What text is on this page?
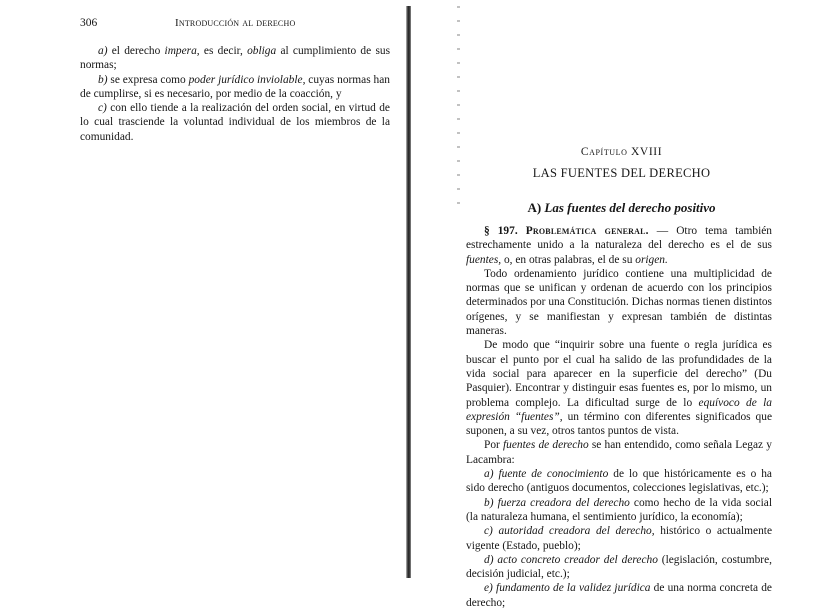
306	Introducción al derecho

a) el derecho impera, es decir, obliga al cumplimiento de sus normas;

b) se expresa como poder jurídico inviolable, cuyas normas han de cumplirse, si es necesario, por medio de la coacción, y

c) con ello tiende a la realización del orden social, en virtud de lo cual trasciende la voluntad individual de los miembros de la comunidad.

Capítulo XVIII
LAS FUENTES DEL DERECHO
A) Las fuentes del derecho positivo

§ 197. Problemática general. — Otro tema también estrechamente unido a la naturaleza del derecho es el de sus fuentes, o, en otras palabras, el de su origen.

Todo ordenamiento jurídico contiene una multiplicidad de normas que se unifican y ordenan de acuerdo con los principios determinados por una Constitución. Dichas normas tienen distintos orígenes, y se manifiestan y expresan también de distintas maneras.

De modo que “inquirir sobre una fuente o regla jurídica es buscar el punto por el cual ha salido de las profundidades de la vida social para aparecer en la superficie del derecho” (Du Pasquier). Encontrar y distinguir esas fuentes es, por lo mismo, un problema complejo. La dificultad surge de lo equívoco de la expresión “fuentes”, un término con diferentes significados que suponen, a su vez, otros tantos puntos de vista.

Por fuentes de derecho se han entendido, como señala Legaz y Lacambra:

a) fuente de conocimiento de lo que históricamente es o ha sido derecho (antiguos documentos, colecciones legislativas, etc.);

b) fuerza creadora del derecho como hecho de la vida social (la naturaleza humana, el sentimiento jurídico, la economía);

c) autoridad creadora del derecho, histórico o actualmente vigente (Estado, pueblo);

d) acto concreto creador del derecho (legislación, costumbre, decisión judicial, etc.);

e) fundamento de la validez jurídica de una norma concreta de derecho;
